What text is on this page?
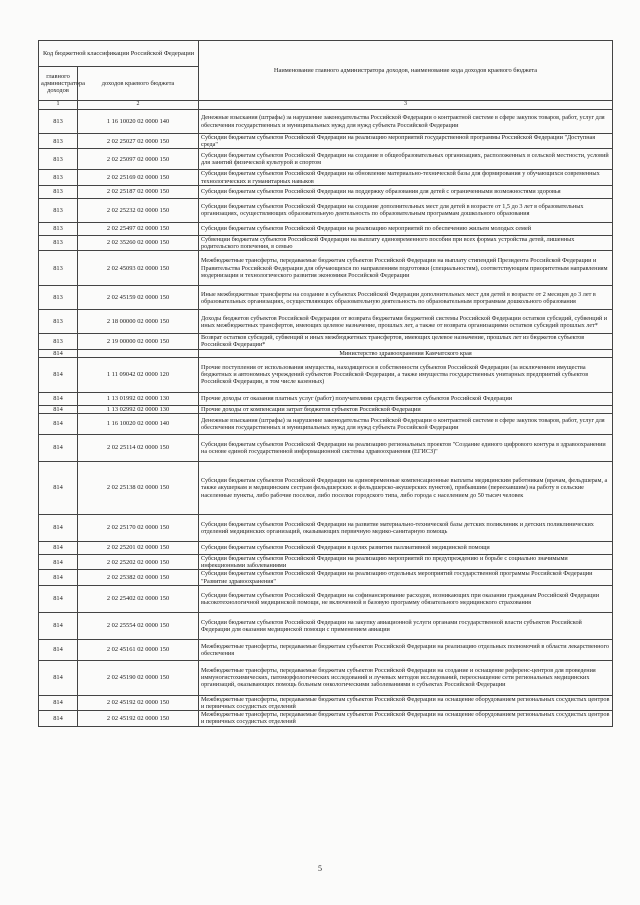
Код бюджетной классификации Российской Федерации		Наименование главного администратора доходов, наименование кода доходов краевого бюджета
главного администратора доходов	доходов краевого бюджета	
1	2	3
813	1 16 10020 02 0000 140	Денежные взыскания (штрафы) за нарушение законодательства Российской Федерации о контрактной системе в сфере закупок товаров, работ, услуг для обеспечения государственных и муниципальных нужд для нужд субъекта Российской Федерации
813	2 02 25027 02 0000 150	Субсидии бюджетам субъектов Российской Федерации на реализацию мероприятий государственной программы Российской Федерации "Доступная среда"
813	2 02 25097 02 0000 150	Субсидии бюджетам субъектов Российской Федерации на создание в общеобразовательных организациях, расположенных в сельской местности, условий для занятий физической культурой и спортом
813	2 02 25169 02 0000 150	Субсидии бюджетам субъектов Российской Федерации на обновление материально-технической базы для формирования у обучающихся современных технологических и гуманитарных навыков
813	2 02 25187 02 0000 150	Субсидии бюджетам субъектов Российской Федерации на поддержку образования для детей с ограниченными возможностями здоровья
813	2 02 25232 02 0000 150	Субсидии бюджетам субъектов Российской Федерации на создание дополнительных мест для детей в возрасте от 1,5 до 3 лет в образовательных организациях, осуществляющих образовательную деятельность по образовательным программам дошкольного образования
813	2 02 25497 02 0000 150	Субсидии бюджетам субъектов Российской Федерации на реализацию мероприятий по обеспечению жильем молодых семей
813	2 02 35260 02 0000 150	Субвенции бюджетам субъектов Российской Федерации на выплату единовременного пособия при всех формах устройства детей, лишенных родительского попечения, в семью
813	2 02 45093 02 0000 150	Межбюджетные трансферты, передаваемые бюджетам субъектов Российской Федерации на выплату стипендий Президента Российской Федерации и Правительства Российской Федерации для обучающихся по направлениям подготовки (специальностям), соответствующим приоритетным направлениям модернизации и технологического развития экономики Российской Федерации
813	2 02 45159 02 0000 150	Иные межбюджетные трансферты на создание в субъектах Российской Федерации дополнительных мест для детей в возрасте от 2 месяцев до 3 лет в образовательных организациях, осуществляющих образовательную деятельность по образовательным программам дошкольного образования
813	2 18 00000 02 0000 150	Доходы бюджетов субъектов Российской Федерации от возврата бюджетами бюджетной системы Российской Федерации остатков субсидий, субвенций и иных межбюджетных трансфертов, имеющих целевое назначение, прошлых лет, а также от возврата организациями остатков субсидий прошлых лет*
813	2 19 00000 02 0000 150	Возврат остатков субсидий, субвенций и иных межбюджетных трансфертов, имеющих целевое назначение, прошлых лет из бюджетов субъектов Российской Федерации*
814		Министерство здравоохранения Камчатского края
814	1 11 09042 02 0000 120	Прочие поступления от использования имущества, находящегося в собственности субъектов Российской Федерации (за исключением имущества бюджетных и автономных учреждений субъектов Российской Федерации, а также имущества государственных унитарных предприятий субъектов Российской Федерации, в том числе казенных)
814	1 13 01992 02 0000 130	Прочие доходы от оказания платных услуг (работ) получателями средств бюджетов субъектов Российской Федерации
814	1 13 02992 02 0000 130	Прочие доходы от компенсации затрат бюджетов субъектов Российской Федерации
814	1 16 10020 02 0000 140	Денежные взыскания (штрафы) за нарушение законодательства Российской Федерации о контрактной системе в сфере закупок товаров, работ, услуг для обеспечения государственных и муниципальных нужд для нужд субъекта Российской Федерации
814	2 02 25114 02 0000 150	Субсидии бюджетам субъектов Российской Федерации на реализацию региональных проектов "Создание единого цифрового контура в здравоохранении на основе единой государственной информационной системы здравоохранения (ЕГИСЗ)"
814	2 02 25138 02 0000 150	Субсидии бюджетам субъектов Российской Федерации на единовременные компенсационные выплаты медицинским работникам (врачам, фельдшерам, а также акушеркам и медицинским сестрам фельдшерских и фельдшерско-акушерских пунктов), прибывшим (переехавшим) на работу в сельские населенные пункты, либо рабочие поселки, либо поселки городского типа, либо города с населением до 50 тысяч человек
814	2 02 25170 02 0000 150	Субсидии бюджетам субъектов Российской Федерации на развитие материально-технической базы детских поликлиник и детских поликлинических отделений медицинских организаций, оказывающих первичную медико-санитарную помощь
814	2 02 25201 02 0000 150	Субсидии бюджетам субъектов Российской Федерации в целях развития паллиативной медицинской помощи
814	2 02 25202 02 0000 150	Субсидии бюджетам субъектов Российской Федерации на реализацию мероприятий по предупреждению и борьбе с социально значимыми инфекционными заболеваниями
814	2 02 25382 02 0000 150	Субсидии бюджетам субъектов Российской Федерации на реализацию отдельных мероприятий государственной программы Российской Федерации "Развитие здравоохранения"
814	2 02 25402 02 0000 150	Субсидии бюджетам субъектов Российской Федерации на софинансирование расходов, возникающих при оказании гражданам Российской Федерации высокотехнологичной медицинской помощи, не включенной в базовую программу обязательного медицинского страхования
814	2 02 25554 02 0000 150	Субсидии бюджетам субъектов Российской Федерации на закупку авиационной услуги органами государственной власти субъектов Российской Федерации для оказания медицинской помощи с применением авиации
814	2 02 45161 02 0000 150	Межбюджетные трансферты, передаваемые бюджетам субъектов Российской Федерации на реализацию отдельных полномочий в области лекарственного обеспечения
814	2 02 45190 02 0000 150	Межбюджетные трансферты, передаваемые бюджетам субъектов Российской Федерации на создание и оснащение референс-центров для проведения иммуногистохимических, патоморфологических исследований и лучевых методов исследований, переоснащение сети региональных медицинских организаций, оказывающих помощь больным онкологическими заболеваниями в субъектах Российской Федерации
814	2 02 45192 02 0000 150	Межбюджетные трансферты, передаваемые бюджетам субъектов Российской Федерации на оснащение оборудованием региональных сосудистых центров и первичных сосудистых отделений
814	2 02 45192 02 0000 150	Межбюджетные трансферты, передаваемые бюджетам субъектов Российской Федерации на оснащение оборудованием региональных сосудистых центров и первичных сосудистых отделений
5
